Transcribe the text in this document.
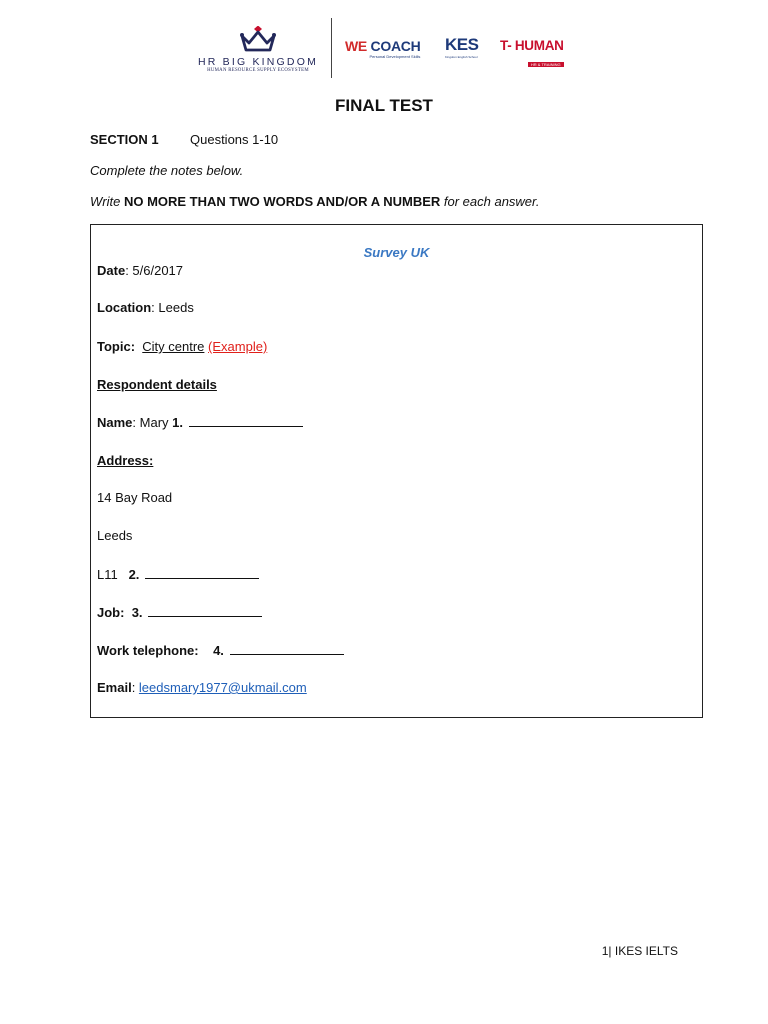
HR BIG KINGDOM
HUMAN RESOURCE SUPPLY ECOSYSTEM
WE COACH
Personal Development Skills
KES
Kingdom English School
T- HUMAN
HR & TRAINING
FINAL TEST
SECTION 1 Questions 1-10
Complete the notes below.
Write NO MORE THAN TWO WORDS AND/OR A NUMBER for each answer.
Survey UK
Date: 5/6/2017
Location: Leeds
Topic: City centre (Example)
Respondent details
Name: Mary 1.
Address:
14 Bay Road
Leeds
L11 2.
Job: 3.
Work telephone: 4.
Email: leedsmary1977@ukmail.com
1| IKES IELTS
